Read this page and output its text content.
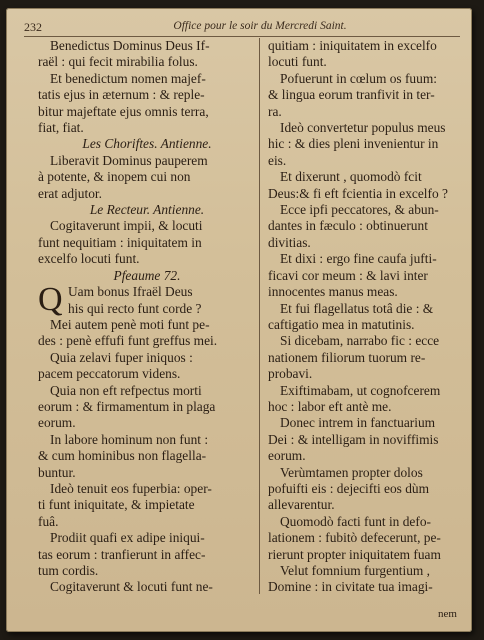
232	Office pour le soir du Mercredi Saint.
Benedictus Dominus Deus If-
raël : qui fecit mirabilia folus.
Et benedictum nomen majef-
tatis ejus in æternum : & reple-
bitur majeftate ejus omnis terra,
fiat, fiat.
Les Choriftes. Antienne.
Liberavit Dominus pauperem
à potente, & inopem cui non
erat adjutor.
Le Recteur. Antienne.
Cogitaverunt impii, & locuti
funt nequitiam : iniquitatem in
excelfo locuti funt.
Pfeaume 72.
Uam bonus Ifraël Deus
his qui recto funt corde ?
Mei autem penè moti funt pe-
des : penè effufi funt greffus mei.
Quia zelavi fuper iniquos :
pacem peccatorum videns.
Quia non eft refpectus morti
eorum : & firmamentum in plaga
eorum.
In labore hominum non funt :
& cum hominibus non flagella-
buntur.
Ideò tenuit eos fuperbia: oper-
ti funt iniquitate, & impietate
fuâ.
Prodiit quafi ex adipe iniqui-
tas eorum : tranfierunt in affec-
tum cordis.
Cogitaverunt & locuti funt ne-
Q
quitiam : iniquitatem in excelfo
locuti funt.
Pofuerunt in cœlum os fuum:
& lingua eorum tranfivit in ter-
ra.
Ideò convertetur populus meus
hic : & dies pleni invenientur in
eis.
Et dixerunt , quomodò fcit
Deus:& fi eft fcientia in excelfo ?
Ecce ipfi peccatores, & abun-
dantes in fæculo : obtinuerunt
divitias.
Et dixi : ergo fine caufa jufti-
ficavi cor meum : & lavi inter
innocentes manus meas.
Et fui flagellatus totâ die : &
caftigatio mea in matutinis.
Si dicebam, narrabo fic : ecce
nationem filiorum tuorum re-
probavi.
Exiftimabam, ut cognofcerem
hoc : labor eft antè me.
Donec intrem in fanctuarium
Dei : & intelligam in noviffimis
eorum.
Verùmtamen propter dolos
pofuifti eis : dejecifti eos dùm
allevarentur.
Quomodò facti funt in defo-
lationem : fubitò defecerunt, pe-
rierunt propter iniquitatem fuam
Velut fomnium furgentium ,
Domine : in civitate tua imagi-
nem
